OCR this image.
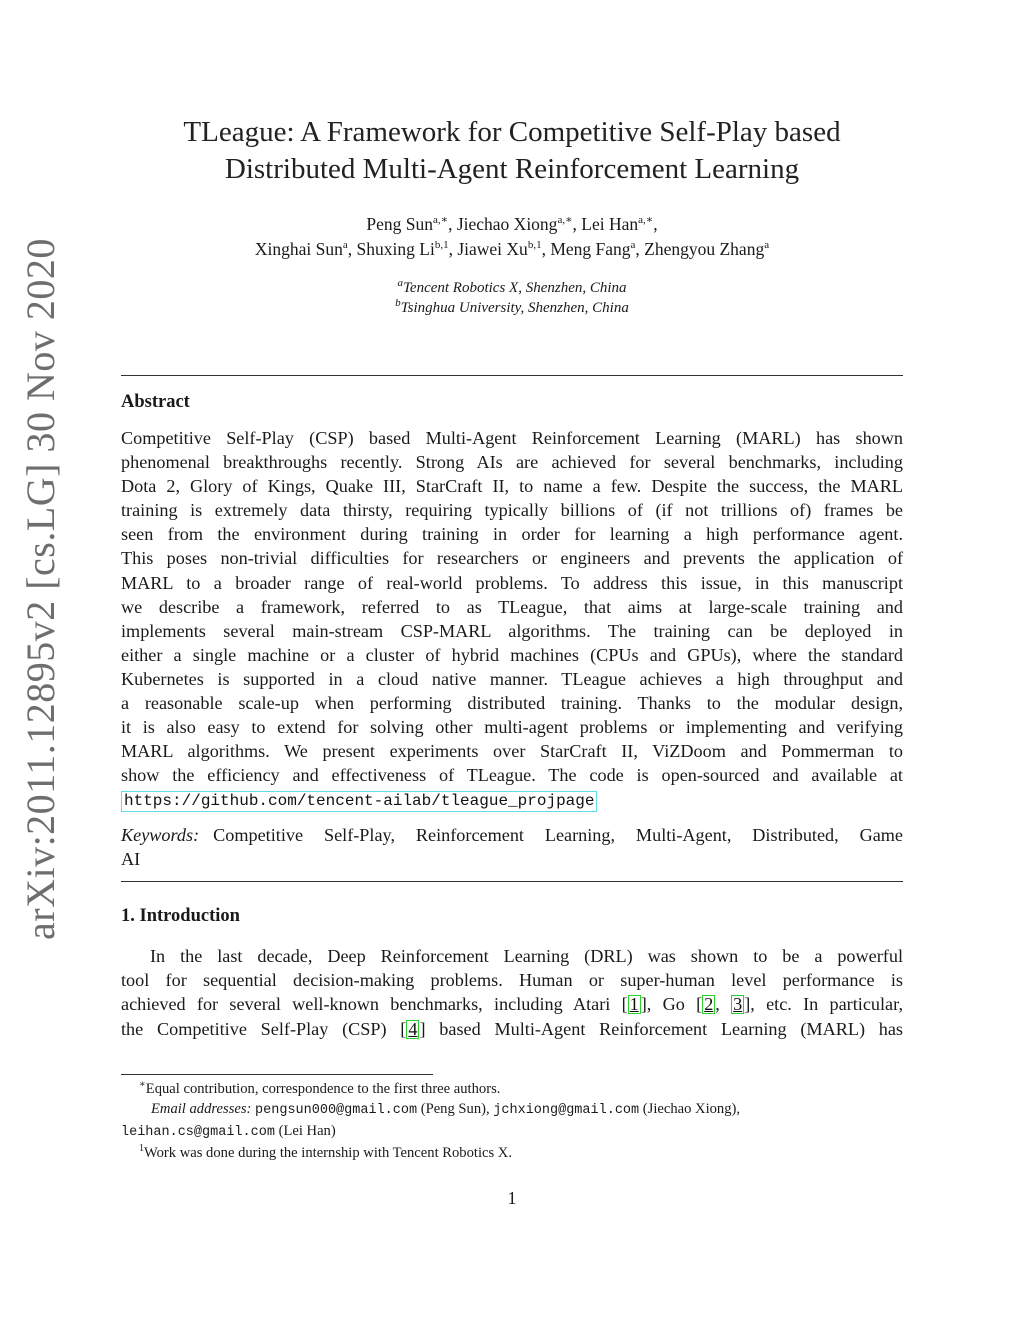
arXiv:2011.12895v2 [cs.LG] 30 Nov 2020
TLeague: A Framework for Competitive Self-Play based
Distributed Multi-Agent Reinforcement Learning
Peng Sun$^{a,∗}$, Jiechao Xiong$^{a,∗}$, Lei Han$^{a,∗}$,
Xinghai Sun$^a$, Shuxing Li$^{b,1}$, Jiawei Xu$^{b,1}$, Meng Fang$^a$, Zhengyou Zhang$^a$
$^a$Tencent Robotics X, Shenzhen, China
$^b$Tsinghua University, Shenzhen, China
Abstract
Competitive Self-Play (CSP) based Multi-Agent Reinforcement Learning (MARL) has shown
phenomenal breakthroughs recently. Strong AIs are achieved for several benchmarks, including
Dota 2, Glory of Kings, Quake III, StarCraft II, to name a few. Despite the success, the MARL
training is extremely data thirsty, requiring typically billions of (if not trillions of) frames be
seen from the environment during training in order for learning a high performance agent.
This poses non-trivial difficulties for researchers or engineers and prevents the application of
MARL to a broader range of real-world problems. To address this issue, in this manuscript
we describe a framework, referred to as TLeague, that aims at large-scale training and
implements several main-stream CSP-MARL algorithms. The training can be deployed in
either a single machine or a cluster of hybrid machines (CPUs and GPUs), where the standard
Kubernetes is supported in a cloud native manner. TLeague achieves a high throughput and
a reasonable scale-up when performing distributed training. Thanks to the modular design,
it is also easy to extend for solving other multi-agent problems or implementing and verifying
MARL algorithms. We present experiments over StarCraft II, ViZDoom and Pommerman to
show the efficiency and effectiveness of TLeague. The code is open-sourced and available at
https://github.com/tencent-ailab/tleague_projpage
Keywords: Competitive Self-Play, Reinforcement Learning, Multi-Agent, Distributed, Game
AI
1. Introduction
In the last decade, Deep Reinforcement Learning (DRL) was shown to be a powerful
tool for sequential decision-making problems. Human or super-human level performance is
achieved for several well-known benchmarks, including Atari [ 1 ], Go [ 2 , 3 ], etc. In particular,
the Competitive Self-Play (CSP) [ 4 ] based Multi-Agent Reinforcement Learning (MARL) has
∗Equal contribution, correspondence to the first three authors.
Email addresses: pengsun000@gmail.com (Peng Sun), jchxiong@gmail.com (Jiechao Xiong),
leihan.cs@gmail.com (Lei Han)
$^1$Work was done during the internship with Tencent Robotics X.
1
